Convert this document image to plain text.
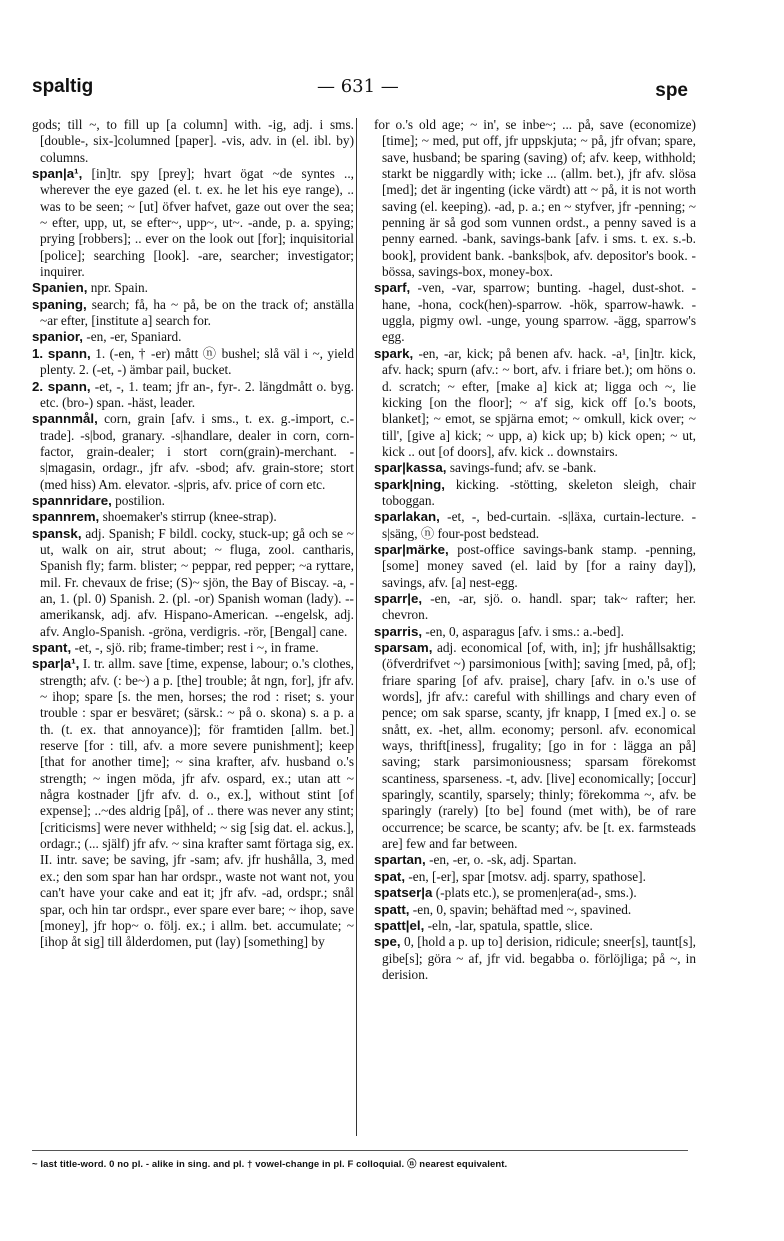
spaltig	— 631 —	spe

gods; till ~, to fill up [a column] with. -ig, adj. i sms. [double-, six-]columned [paper]. -vis, adv. in (el. ibl. by) columns.

span|a¹, [in]tr. spy [prey]; hvart ögat ~de syntes .., wherever the eye gazed (el. t. ex. he let his eye range), .. was to be seen; ~ [ut] öfver hafvet, gaze out over the sea; ~ efter, upp, ut, se efter~, upp~, ut~. -ande, p. a. spying; prying [robbers]; .. ever on the look out [for]; inquisitorial [police]; searching [look]. -are, searcher; investigator; inquirer.

Spanien, npr. Spain.

spaning, search; få, ha ~ på, be on the track of; anställa ~ar efter, [institute a] search for.

spanior, -en, -er, Spaniard.

1. spann, 1. (-en, † -er) mått ⓝ bushel; slå väl i ~, yield plenty. 2. (-et, -) ämbar pail, bucket.

2. spann, -et, -, 1. team; jfr an-, fyr-. 2. längdmått o. byg. etc. (bro-) span. -häst, leader.

spannmål, corn, grain [afv. i sms., t. ex. g.-import, c.-trade]. -s|bod, granary. -s|handlare, dealer in corn, corn-factor, grain-dealer; i stort corn(grain)-merchant. -s|magasin, ordagr., jfr afv. -sbod; afv. grain-store; stort (med hiss) Am. elevator. -s|pris, afv. price of corn etc.

spannridare, postilion.

spannrem, shoemaker's stirrup (knee-strap).

spansk, adj. Spanish; F bildl. cocky, stuck-up; gå och se ~ ut, walk on air, strut about; ~ fluga, zool. cantharis, Spanish fly; farm. blister; ~ peppar, red pepper; ~a ryttare, mil. Fr. chevaux de frise; (S)~ sjön, the Bay of Biscay. -a, -an, 1. (pl. 0) Spanish. 2. (pl. -or) Spanish woman (lady). --amerikansk, adj. afv. Hispano-American. --engelsk, adj. afv. Anglo-Spanish. -gröna, verdigris. -rör, [Bengal] cane.

spant, -et, -, sjö. rib; frame-timber; rest i ~, in frame.

spar|a¹, I. tr. allm. save [time, expense, labour; o.'s clothes, strength; afv. (: be~) a p. [the] trouble; åt ngn, for], jfr afv. ~ ihop; spare [s. the men, horses; the rod : riset; s. your trouble : spar er besväret; (särsk.: ~ på o. skona) s. a p. a th. (t. ex. that annoyance)]; för framtiden [allm. bet.] reserve [for : till, afv. a more severe punishment]; keep [that for another time]; ~ sina krafter, afv. husband o.'s strength; ~ ingen möda, jfr afv. ospard, ex.; utan att ~ några kostnader [jfr afv. d. o., ex.], without stint [of expense]; ..~des aldrig [på], of .. there was never any stint; [criticisms] were never withheld; ~ sig [sig dat. el. ackus.], ordagr.; (... själf) jfr afv. ~ sina krafter samt förtaga sig, ex. II. intr. save; be saving, jfr -sam; afv. jfr hushålla, 3, med ex.; den som spar han har ordspr., waste not want not, you can't have your cake and eat it; jfr afv. -ad, ordspr.; snål spar, och hin tar ordspr., ever spare ever bare; ~ ihop, save [money], jfr hop~ o. följ. ex.; i allm. bet. accumulate; ~ [ihop åt sig] till ålderdomen, put (lay) [something] by

for o.'s old age; ~ in', se inbe~; ... på, save (economize) [time]; ~ med, put off, jfr uppskjuta; ~ på, jfr ofvan; spare, save, husband; be sparing (saving) of; afv. keep, withhold; starkt be niggardly with; icke ... (allm. bet.), jfr afv. slösa [med]; det är ingenting (icke värdt) att ~ på, it is not worth saving (el. keeping). -ad, p. a.; en ~ styfver, jfr -penning; ~ penning är så god som vunnen ordst., a penny saved is a penny earned. -bank, savings-bank [afv. i sms. t. ex. s.-b. book], provident bank. -banks|bok, afv. depositor's book. -bössa, savings-box, money-box.

sparf, -ven, -var, sparrow; bunting. -hagel, dust-shot. -hane, -hona, cock(hen)-sparrow. -hök, sparrow-hawk. -uggla, pigmy owl. -unge, young sparrow. -ägg, sparrow's egg.

spark, -en, -ar, kick; på benen afv. hack. -a¹, [in]tr. kick, afv. hack; spurn (afv.: ~ bort, afv. i friare bet.); om höns o. d. scratch; ~ efter, [make a] kick at; ligga och ~, lie kicking [on the floor]; ~ a'f sig, kick off [o.'s boots, blanket]; ~ emot, se spjärna emot; ~ omkull, kick over; ~ till', [give a] kick; ~ upp, a) kick up; b) kick open; ~ ut, kick .. out [of doors], afv. kick .. downstairs.

spar|kassa, savings-fund; afv. se -bank.

spark|ning, kicking. -stötting, skeleton sleigh, chair toboggan.

sparlakan, -et, -, bed-curtain. -s|läxa, curtain-lecture. -s|säng, ⓝ four-post bedstead.

spar|märke, post-office savings-bank stamp. -penning, [some] money saved (el. laid by [for a rainy day]), savings, afv. [a] nest-egg.

sparr|e, -en, -ar, sjö. o. handl. spar; tak~ rafter; her. chevron.

sparris, -en, 0, asparagus [afv. i sms.: a.-bed].

sparsam, adj. economical [of, with, in]; jfr hushållsaktig; (öfverdrifvet ~) parsimonious [with]; saving [med, på, of]; friare sparing [of afv. praise], chary [afv. in o.'s use of words], jfr afv.: careful with shillings and chary even of pence; om sak sparse, scanty, jfr knapp, I [med ex.] o. se snått, ex. -het, allm. economy; personl. afv. economical ways, thrift[iness], frugality; [go in for : lägga an på] saving; stark parsimoniousness; sparsam förekomst scantiness, sparseness. -t, adv. [live] economically; [occur] sparingly, scantily, sparsely; thinly; förekomma ~, afv. be sparingly (rarely) [to be] found (met with), be of rare occurrence; be scarce, be scanty; afv. be [t. ex. farmsteads are] few and far between.

spartan, -en, -er, o. -sk, adj. Spartan.

spat, -en, [-er], spar [motsv. adj. sparry, spathose].

spatser|a (-plats etc.), se promen|era(ad-, sms.).

spatt, -en, 0, spavin; behäftad med ~, spavined.

spatt|el, -eln, -lar, spatula, spattle, slice.

spe, 0, [hold a p. up to] derision, ridicule; sneer[s], taunt[s], gibe[s]; göra ~ af, jfr vid. begabba o. förlöjliga; på ~, in derision.

~ last title-word. 0 no pl. - alike in sing. and pl. † vowel-change in pl. F colloquial. ⓝ nearest equivalent.
